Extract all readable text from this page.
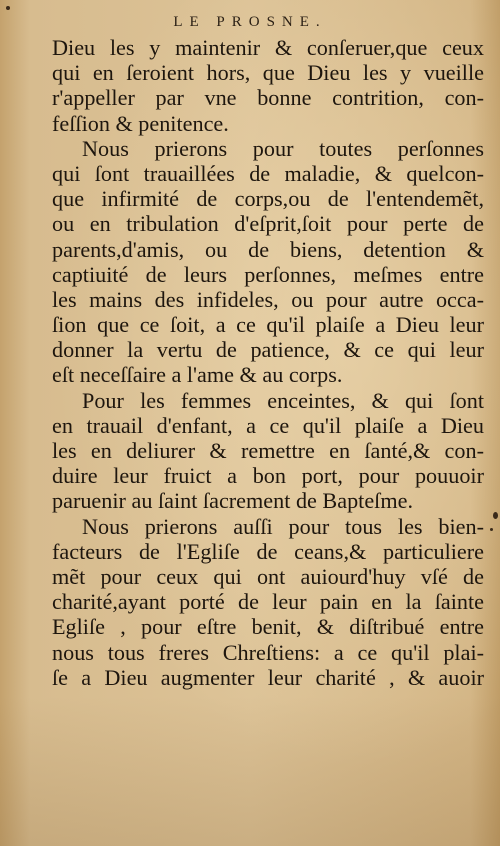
LE PROSNE.
Dieu les y maintenir & conſeruer,que ceux
qui en ſeroient hors, que Dieu les y vueille
r'appeller par vne bonne contrition, con-
feſſion & penitence.
Nous prierons pour toutes perſonnes
qui ſont trauaillées de maladie, & quelcon-
que infirmité de corps,ou de l'entendemẽt,
ou en tribulation d'eſprit,ſoit pour perte de
parents,d'amis, ou de biens, detention &
captiuité de leurs perſonnes, meſmes entre
les mains des infideles, ou pour autre occa-
ſion que ce ſoit, a ce qu'il plaiſe a Dieu leur
donner la vertu de patience, & ce qui leur
eſt neceſſaire a l'ame & au corps.
Pour les femmes enceintes, & qui ſont
en trauail d'enfant, a ce qu'il plaiſe a Dieu
les en deliurer & remettre en ſanté,& con-
duire leur fruict a bon port, pour pouuoir
paruenir au ſaint ſacrement de Bapteſme.
Nous prierons auſſi pour tous les bien-
facteurs de l'Egliſe de ceans,& particuliere
mẽt pour ceux qui ont auiourd'huy vſé de
charité,ayant porté de leur pain en la ſainte
Egliſe , pour eſtre benit, & diſtribué entre
nous tous freres Chreſtiens: a ce qu'il plai-
ſe a Dieu augmenter leur charité , & auoir
